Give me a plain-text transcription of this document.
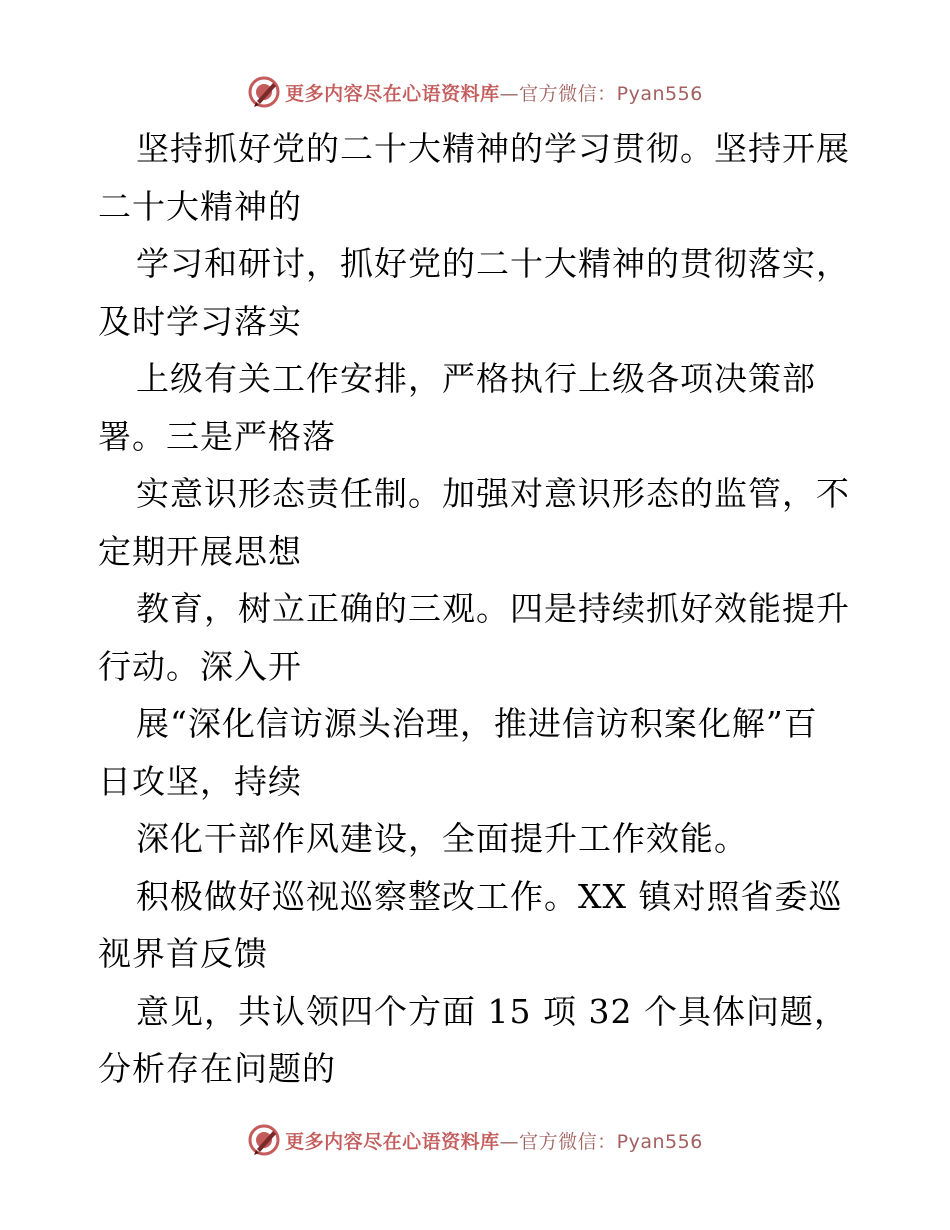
更多内容尽在心语资料库—官方微信：Pyan556
坚持抓好党的二十大精神的学习贯彻。坚持开展
二十大精神的
学习和研讨，抓好党的二十大精神的贯彻落实，
及时学习落实
上级有关工作安排，严格执行上级各项决策部
署。三是严格落
实意识形态责任制。加强对意识形态的监管，不
定期开展思想
教育，树立正确的三观。四是持续抓好效能提升
行动。深入开
展“深化信访源头治理，推进信访积案化解”百
日攻坚，持续
深化干部作风建设，全面提升工作效能。
积极做好巡视巡察整改工作。XX 镇对照省委巡
视界首反馈
意见，共认领四个方面 15 项 32 个具体问题，
分析存在问题的
更多内容尽在心语资料库—官方微信：Pyan556
